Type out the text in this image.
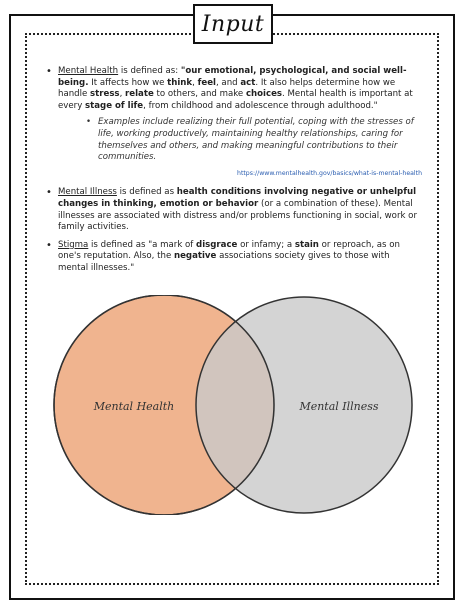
Input
• Mental Health is defined as: "our emotional, psychological, and social well-being. It affects how we think, feel, and act. It also helps determine how we handle stress, relate to others, and make choices. Mental health is important at every stage of life, from childhood and adolescence through adulthood."
• Examples include realizing their full potential, coping with the stresses of life, working productively, maintaining healthy relationships, caring for themselves and others, and making meaningful contributions to their communities.
https://www.mentalhealth.gov/basics/what-is-mental-health
• Mental Illness is defined as health conditions involving negative or unhelpful changes in thinking, emotion or behavior (or a combination of these). Mental illnesses are associated with distress and/or problems functioning in social, work or family activities.
• Stigma is defined as "a mark of disgrace or infamy; a stain or reproach, as on one's reputation. Also, the negative associations society gives to those with mental illnesses."
Mental Health	Mental Illness
